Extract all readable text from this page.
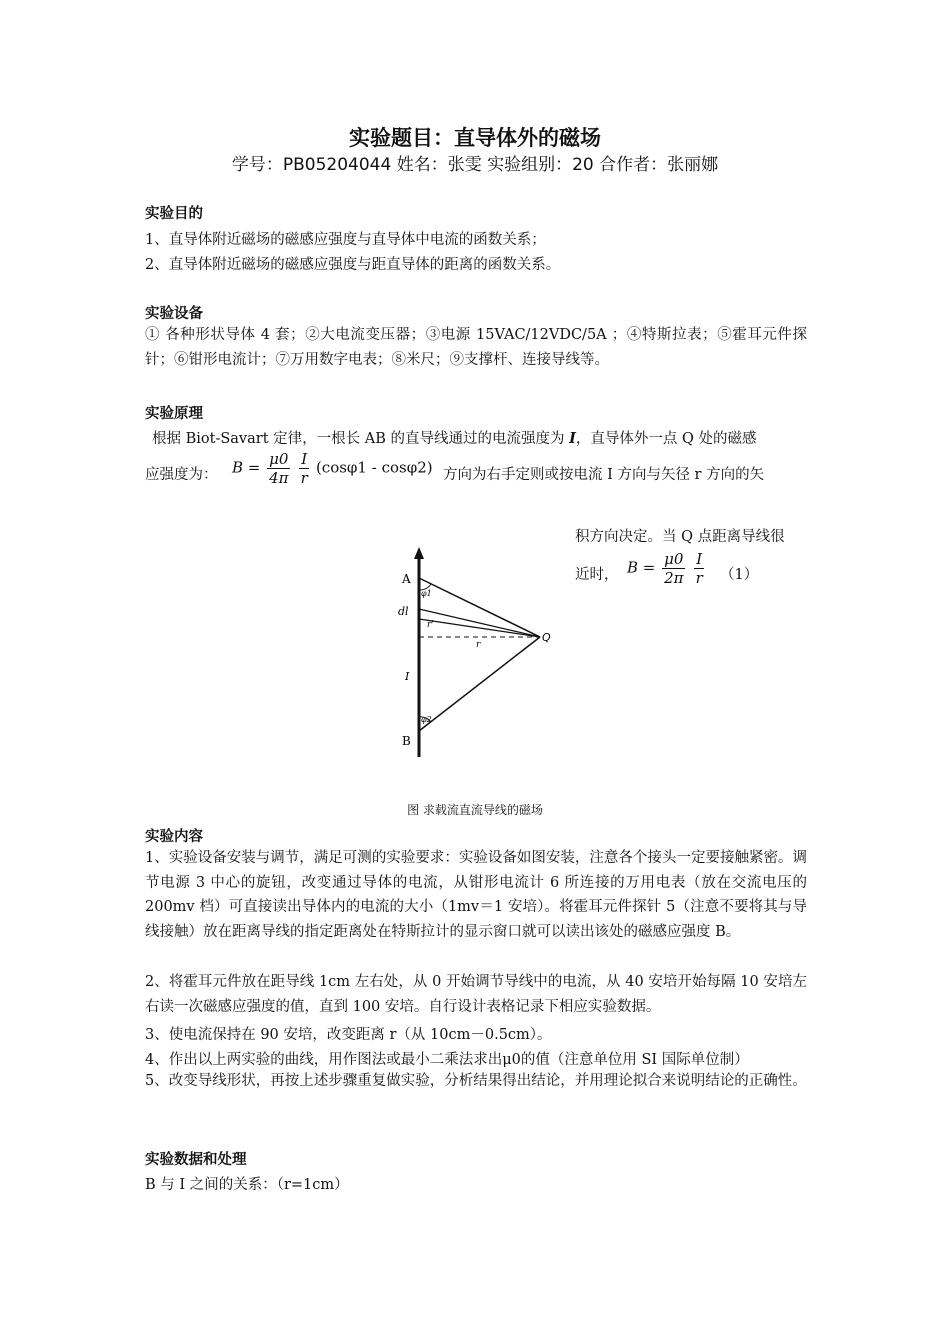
实验题目：直导体外的磁场
学号：PB05204044 姓名：张雯 实验组别：20 合作者：张丽娜
实验目的
1、直导体附近磁场的磁感应强度与直导体中电流的函数关系；
2、直导体附近磁场的磁感应强度与距直导体的距离的函数关系。
实验设备
① 各种形状导体 4 套；②大电流变压器；③电源 15VAC/12VDC/5A ；④特斯拉表；⑤霍耳元件探针；⑥钳形电流计；⑦万用数字电表；⑧米尺；⑨支撑杆、连接导线等。
实验原理
根据 Biot-Savart 定律，一根长 AB 的直导线通过的电流强度为 I，直导体外一点 Q 处的磁感
应强度为： $B = \frac{\mu 0}{4\pi}$
$\frac{I}{r} (\cos\varphi 1 - \cos\varphi 2)$ 方向为右手定则或按电流 I 方向与矢径 r 方向的矢
积方向决定。当 Q 点距离导线很
近时， $B = \frac{\mu 0}{2\pi}$
$\frac{I}{r} (1)$
A
B
Q
dl
I
r
r'
φ1
φ2
图 求载流直流导线的磁场
实验内容
1、实验设备安装与调节，满足可测的实验要求：实验设备如图安装，注意各个接头一定要接触紧密。调节电源 3 中心的旋钮，改变通过导体的电流，从钳形电流计 6 所连接的万用电表（放在交流电压的 200mv 档）可直接读出导体内的电流的大小（1mv＝1 安培）。将霍耳元件探针 5（注意不要将其与导线接触）放在距离导线的指定距离处在特斯拉计的显示窗口就可以读出该处的磁感应强度 B。
2、将霍耳元件放在距导线 1cm 左右处，从 0 开始调节导线中的电流，从 40 安培开始每隔 10 安培左右读一次磁感应强度的值，直到 100 安培。自行设计表格记录下相应实验数据。
3、使电流保持在 90 安培，改变距离 r（从 10cm－0.5cm）。
4、作出以上两实验的曲线，用作图法或最小二乘法求出μ0的值（注意单位用 SI 国际单位制）
5、改变导线形状，再按上述步骤重复做实验，分析结果得出结论，并用理论拟合来说明结论的正确性。
实验数据和处理
B 与 I 之间的关系：（r=1cm）
